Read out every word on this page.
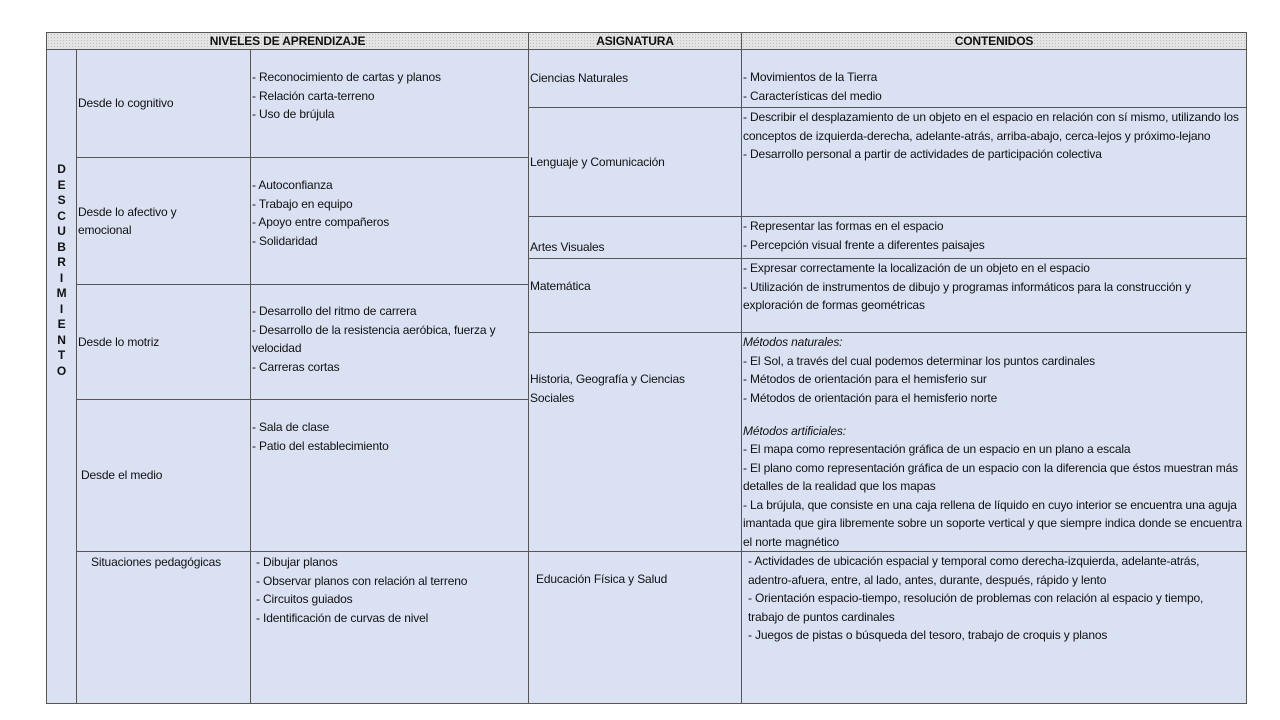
NIVELES DE APRENDIZAJE	ASIGNATURA	CONTENIDOS
D
E
S
C
U
B
R
I
M
I
E
N
T
O
Desde lo cognitivo
Desde lo afectivo y emocional
Desde lo motriz
Desde el medio
Situaciones pedagógicas
- Reconocimiento de cartas y planos
- Relación carta-terreno
- Uso de brújula
- Autoconfianza
- Trabajo en equipo
- Apoyo entre compañeros
- Solidaridad
- Desarrollo del ritmo de carrera
- Desarrollo de la resistencia aeróbica, fuerza y velocidad
- Carreras cortas
- Sala de clase
- Patio del establecimiento
- Dibujar planos
- Observar planos con relación al terreno
- Circuitos guiados
- Identificación de curvas de nivel
Ciencias Naturales
Lenguaje y Comunicación
Artes Visuales
Matemática
Historia, Geografía y Ciencias Sociales
Educación Física y Salud
- Movimientos de la Tierra
- Características del medio
- Describir el desplazamiento de un objeto en el espacio en relación con sí mismo, utilizando los conceptos de izquierda-derecha, adelante-atrás, arriba-abajo, cerca-lejos y próximo-lejano
- Desarrollo personal a partir de actividades de participación colectiva
- Representar las formas en el espacio
- Percepción visual frente a diferentes paisajes
- Expresar correctamente la localización de un objeto en el espacio
- Utilización de instrumentos de dibujo y programas informáticos para la construcción y exploración de formas geométricas
Métodos naturales:
- El Sol, a través del cual podemos determinar los puntos cardinales
- Métodos de orientación para el hemisferio sur
- Métodos de orientación para el hemisferio norte
Métodos artificiales:
- El mapa como representación gráfica de un espacio en un plano a escala
- El plano como representación gráfica de un espacio con la diferencia que éstos muestran más detalles de la realidad que los mapas
- La brújula, que consiste en una caja rellena de líquido en cuyo interior se encuentra una aguja imantada que gira libremente sobre un soporte vertical y que siempre indica donde se encuentra el norte magnético
- Actividades de ubicación espacial y temporal como derecha-izquierda, adelante-atrás, adentro-afuera, entre, al lado, antes, durante, después, rápido y lento
- Orientación espacio-tiempo, resolución de problemas con relación al espacio y tiempo, trabajo de puntos cardinales
- Juegos de pistas o búsqueda del tesoro, trabajo de croquis y planos
